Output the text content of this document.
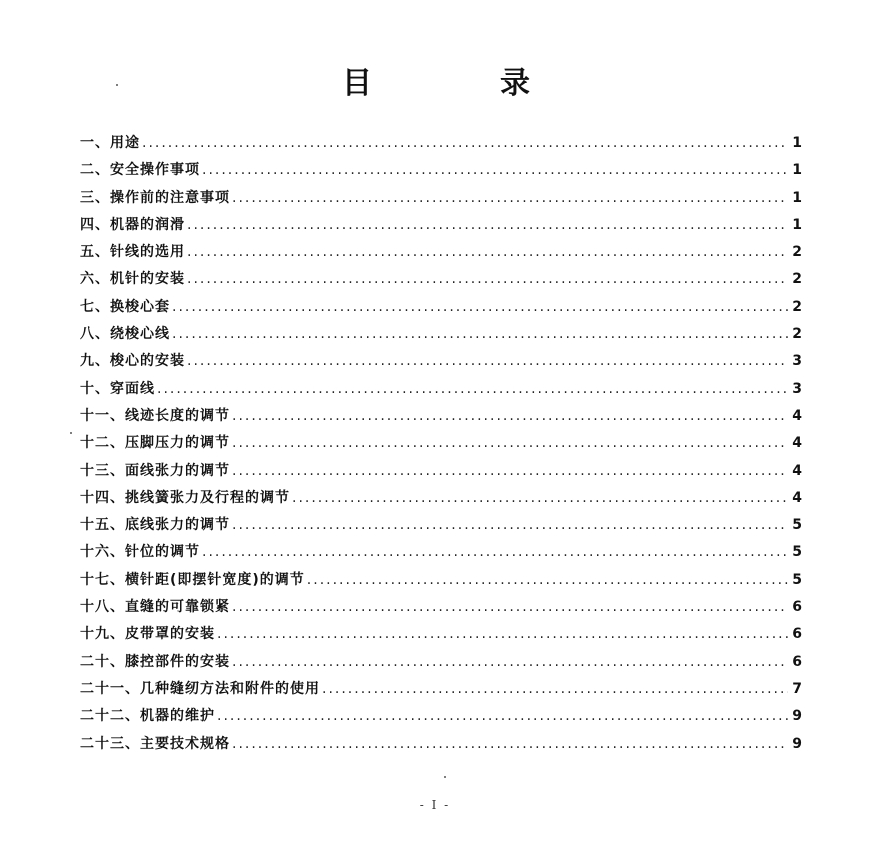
目	录
一、用途 .....	1
二、安全操作事项 .....	1
三、操作前的注意事项 .....	1
四、机器的润滑 .....	1
五、针线的选用 .....	2
六、机针的安装 .....	2
七、换梭心套 .....	2
八、绕梭心线 .....	2
九、梭心的安装 .....	3
十、穿面线 .....	3
十一、线迹长度的调节 .....	4
十二、压脚压力的调节 .....	4
十三、面线张力的调节 .....	4
十四、挑线簧张力及行程的调节 .....	4
十五、底线张力的调节 .....	5
十六、针位的调节 .....	5
十七、横针距(即摆针宽度)的调节 .....	5
十八、直缝的可靠锁紧 .....	6
十九、皮带罩的安装 .....	6
二十、膝控部件的安装 .....	6
二十一、几种缝纫方法和附件的使用 .....	7
二十二、机器的维护 .....	9
二十三、主要技术规格 .....	9
- I -
